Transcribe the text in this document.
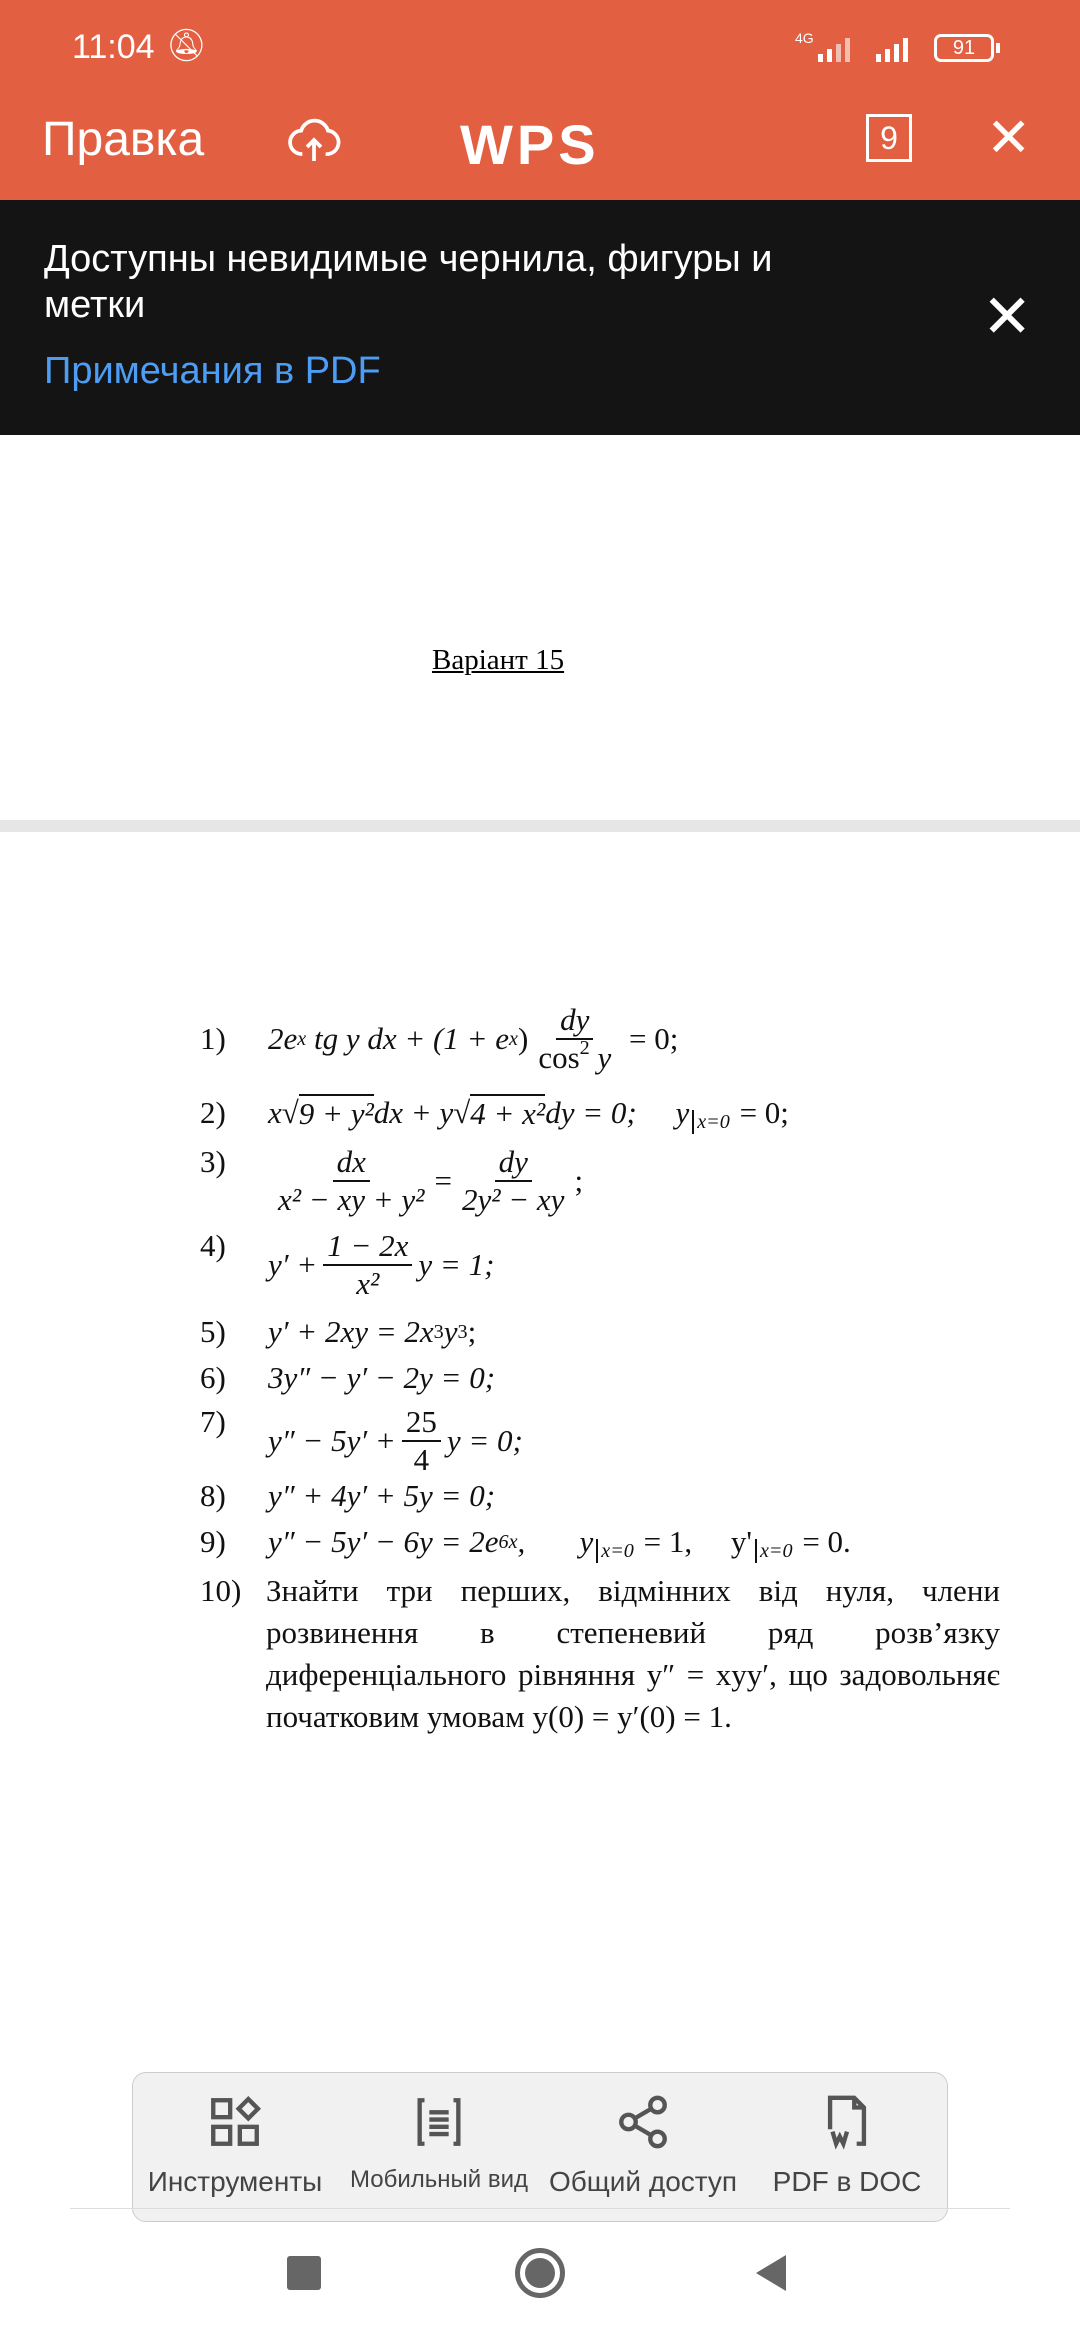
11:04 🔕︎	4G	91
Правка	WPS	9 ✕
Доступны невидимые чернила, фигуры и метки
Примечания в PDF
✕
Варіант 15
1)	2e x tg y dx + (1 + e x ) $\frac{dy}{\cos^2 y} = 0$;
2)	x√ 9 + y² dx + y√ 4 + x² dy = 0;     y $_{x=0}$ = 0;
3)	$\frac{dx}{\text{x² − xy + y²}} = \frac{dy}{\text{2y² − xy}}$ ;
4)
$y' + \frac{1 - 2x}{\text{x²}}$ y = 1;
5)	y′ + 2xy = 2x 3 y 3 ;
6)	3y″ − y′ − 2y = 0;
7)
$y'' - 5y' + \frac{25}{4}$ y = 0;
8)	y″ + 4y′ + 5y = 0;
9)	y″ − 5y′ − 6y = 2e 6x ,       y $_{x=0}$ = 1,     y' $_{x=0}$ = 0.
10) Знайти три перших, відмінних від нуля, члени розвинення в степеневий ряд розв’язку диференціального рівняння y″ = xyy′, що задовольняє початковим умовам y(0) = y′(0) = 1.
Инструменты	Мобильный вид Общий доступ	PDF в DOC
